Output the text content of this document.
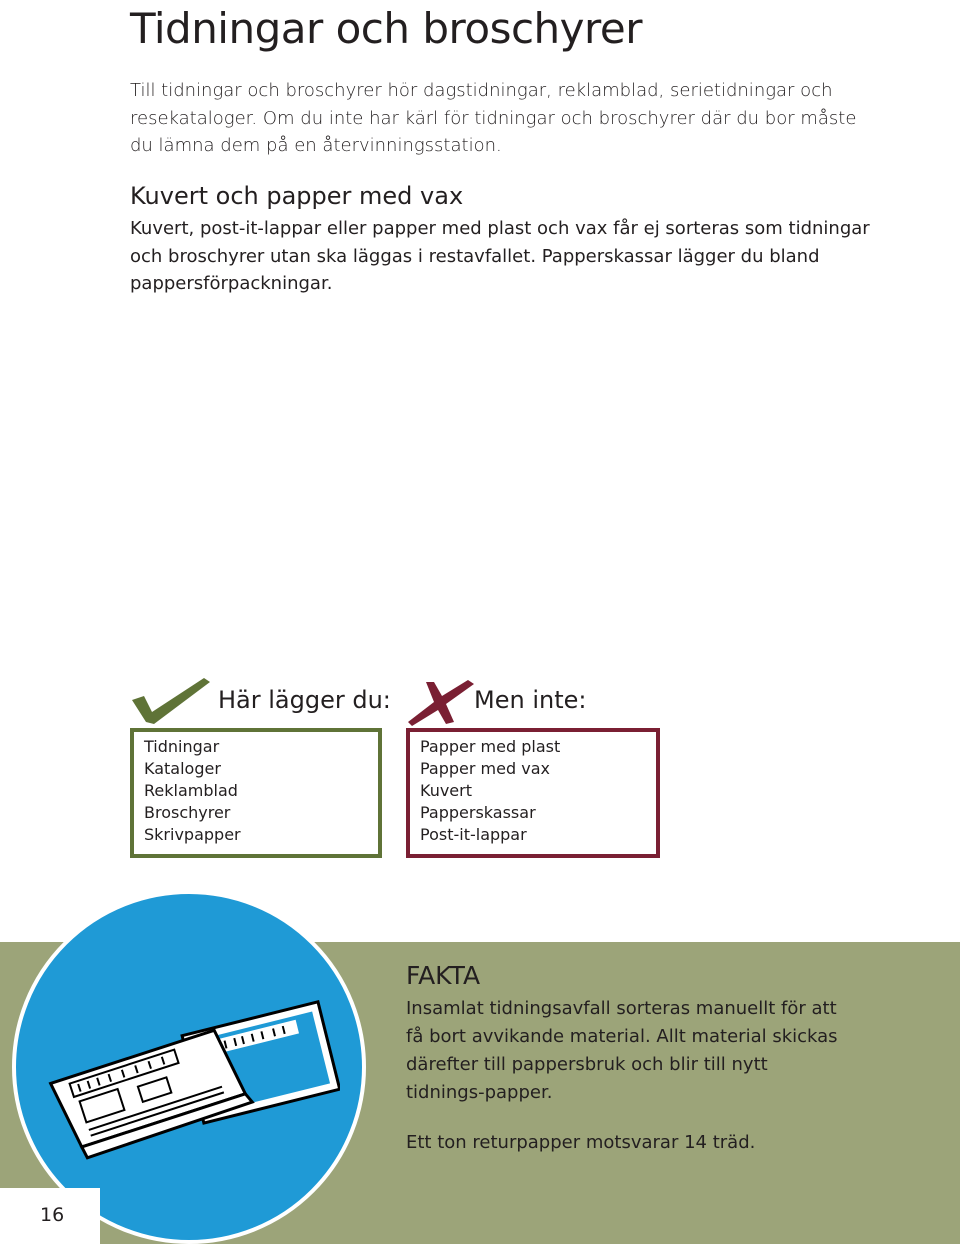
Tidningar och broschyrer
Till tidningar och broschyrer hör dagstidningar, reklamblad, serietidningar och resekataloger. Om du inte har kärl för tidningar och broschyrer där du bor måste du lämna dem på en återvinningsstation.
Kuvert och papper med vax
Kuvert, post-it-lappar eller papper med plast och vax får ej sorteras som tidningar och broschyrer utan ska läggas i restavfallet. Papperskassar lägger du bland pappersförpackningar.
Här lägger du:
Tidningar
Kataloger
Reklamblad
Broschyrer
Skrivpapper
Men inte:
Papper med plast
Papper med vax
Kuvert
Papperskassar
Post-it-lappar
FAKTA
Insamlat tidningsavfall sorteras manuellt för att få bort avvikande material. Allt material skickas därefter till pappersbruk och blir till nytt tidnings-papper.
Ett ton returpapper motsvarar 14 träd.
16
